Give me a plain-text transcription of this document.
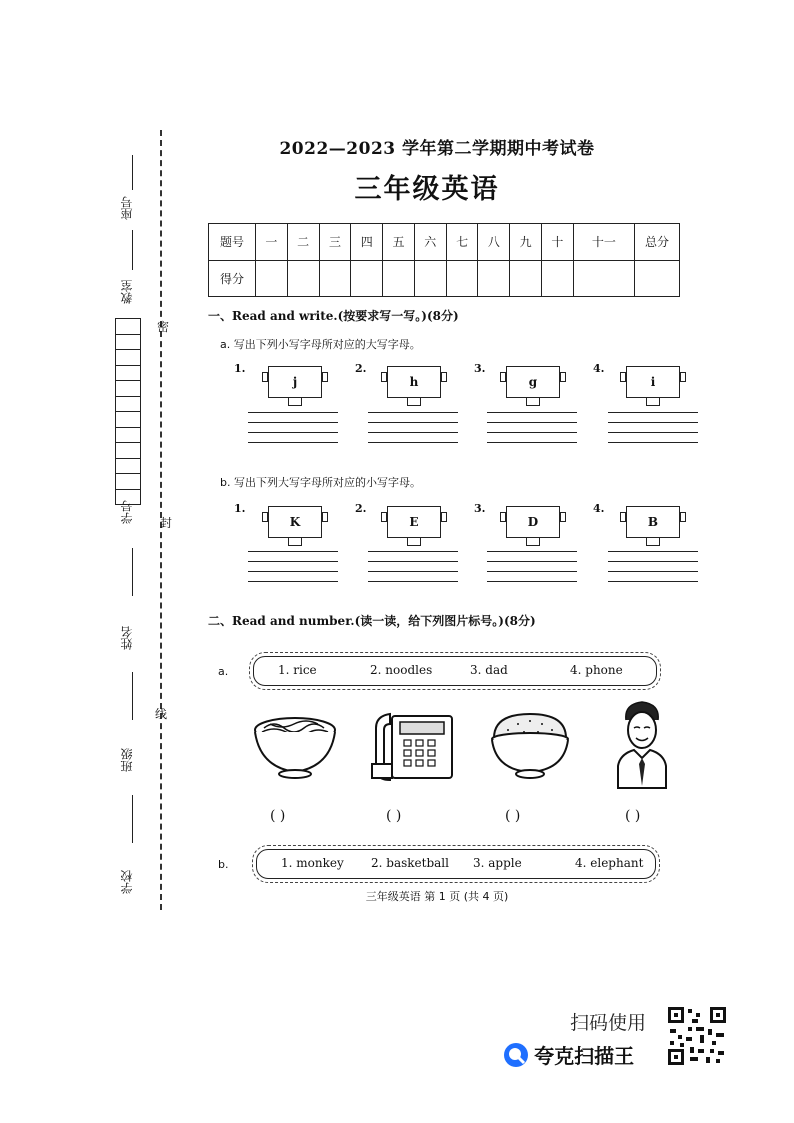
密
封
线
座号
教室
学号
姓名
班级
学校
2022—2023 学年第二学期期中考试卷
三年级英语
题号	一	二	三	四	五	六	七	八	九	十	十一	总分
得分												
一、Read and write.(按要求写一写。)(8分)
a. 写出下列小写字母所对应的大写字母。
1.
j
2.
h
3.
g
4.
i
b. 写出下列大写字母所对应的小写字母。
1.
K
2.
E
3.
D
4.
B
二、Read and number.(读一读，给下列图片标号。)(8分)
a.	1. rice	2. noodles	3. dad	4. phone
( )	( )	( )	( )
b.	1. monkey 2. basketball 3. apple	4. elephant
三年级英语 第 1 页 (共 4 页)
扫码使用
夸克扫描王
